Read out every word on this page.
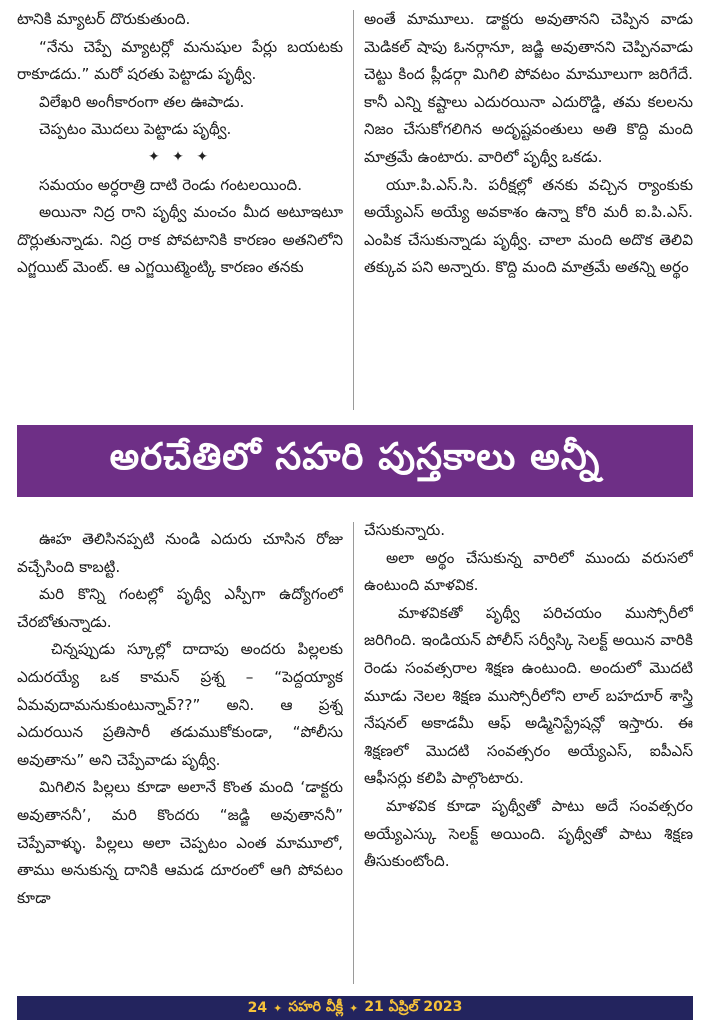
టానికి మ్యాటర్ దొరుకుతుంది.

“నేను చెప్పే మ్యాటర్లో మనుషుల పేర్లు బయటకు రాకూడదు.” మరో షరతు పెట్టాడు పృథ్వీ.

విలేఖరి అంగీకారంగా తల ఊపాడు.

చెప్పటం మొదలు పెట్టాడు పృథ్వీ.

✦ ✦ ✦

సమయం అర్ధరాత్రి దాటి రెండు గంటలయింది.

అయినా నిద్ర రాని పృథ్వీ మంచం మీద అటూఇటూ దొర్లుతున్నాడు. నిద్ర రాక పోవటానికి కారణం అతనిలోని ఎగ్జయిట్ మెంట్. ఆ ఎగ్జయిట్మెంట్కి కారణం తనకు

అంతే మామూలు. డాక్టరు అవుతానని చెప్పిన వాడు మెడికల్ షాపు ఓనర్గానూ, జడ్జి అవుతానని చెప్పినవాడు చెట్టు కింద ప్లీడర్గా మిగిలి పోవటం మామూలుగా జరిగేదే. కానీ ఎన్ని కష్టాలు ఎదురయినా ఎదురొడ్డి, తమ కలలను నిజం చేసుకోగలిగిన అదృష్టవంతులు అతి కొద్ది మంది మాత్రమే ఉంటారు. వారిలో పృథ్వీ ఒకడు.

యూ.పి.ఎస్.సి. పరీక్షల్లో తనకు వచ్చిన ర్యాంకుకు అయ్యేఎస్ అయ్యే అవకాశం ఉన్నా కోరి మరీ ఐ.పి.ఎస్. ఎంపిక చేసుకున్నాడు పృథ్వీ. చాలా మంది అదొక తెలివి తక్కువ పని అన్నారు. కొద్ది మంది మాత్రమే అతన్ని అర్థం

అరచేతిలో సహరి పుస్తకాలు అన్నీ

ఊహ తెలిసినప్పటి నుండి ఎదురు చూసిన రోజు వచ్చేసింది కాబట్టి.

మరి కొన్ని గంటల్లో పృథ్వీ ఎస్పీగా ఉద్యోగంలో చేరబోతున్నాడు.

చిన్నప్పుడు స్కూల్లో దాదాపు అందరు పిల్లలకు ఎదురయ్యే ఒక కామన్ ప్రశ్న – “పెద్దయ్యాక ఏమవుదామనుకుంటున్నావ్??” అని. ఆ ప్రశ్న ఎదురయిన ప్రతిసారీ తడుముకోకుండా, “పోలీసు అవుతాను” అని చెప్పేవాడు పృథ్వీ.

మిగిలిన పిల్లలు కూడా అలానే కొంత మంది ‘డాక్టరు అవుతాననీ’, మరి కొందరు “జడ్జి అవుతాననీ” చెప్పేవాళ్ళు. పిల్లలు అలా చెప్పటం ఎంత మామూలో, తాము అనుకున్న దానికి ఆమడ దూరంలో ఆగి పోవటం కూడా

చేసుకున్నారు.

అలా అర్థం చేసుకున్న వారిలో ముందు వరుసలో ఉంటుంది మాళవిక.

మాళవికతో పృథ్వీ పరిచయం ముస్సోరీలో జరిగింది. ఇండియన్ పోలీస్ సర్వీస్కి సెలక్ట్ అయిన వారికి రెండు సంవత్సరాల శిక్షణ ఉంటుంది. అందులో మొదటి మూడు నెలల శిక్షణ ముస్సోరీలోని లాల్ బహదూర్ శాస్త్రి నేషనల్ అకాడమీ ఆఫ్ అడ్మినిస్ట్రేషన్లో ఇస్తారు. ఈ శిక్షణలో మొదటి సంవత్సరం అయ్యేఎస్, ఐపీఎస్ ఆఫీసర్లు కలిపి పాల్గొంటారు.

మాళవిక కూడా పృథ్వీతో పాటు అదే సంవత్సరం అయ్యేఎస్కు సెలక్ట్ అయింది. పృథ్వీతో పాటు శిక్షణ తీసుకుంటోంది.

24 ✦ సహరి వీక్లీ ✦ 21 ఏప్రిల్ 2023
